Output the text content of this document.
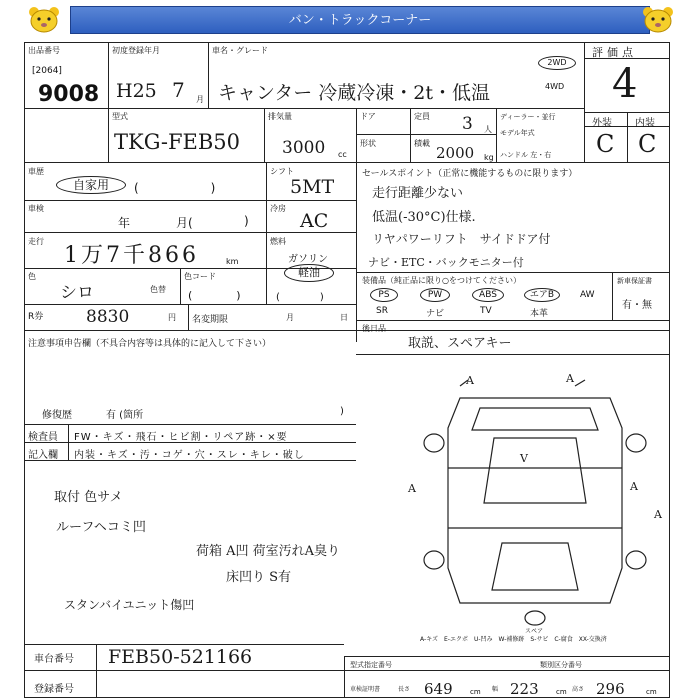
バン・トラックコーナー
出品番号
[2064]
9008
初度登録年月
H25 7 月
車名・グレード
キャンター 冷蔵冷凍・2t・低温
2WD
4WD
評価点
4
外装 内装
C C
型式
TKG-FEB50
排気量
3000 cc
ドア	定員 3 人
形状	積載
2000 kg
ディーラー・並行
モデル年式
ハンドル 左・右
車歴
自家用	(　　　　　　)
車検
年	月(	)
走行
1万7千866	km
色
シロ	色替
色コード
(　　　　)
シフト
5MT
冷房
AC
燃料
ガソリン
軽油
(　　　　)
R券	8830	円 名変期限	月	日
セールスポイント（正常に機能するものに限ります）
走行距離少ない
低温(-30°C)仕様.
リヤパワーリフト　サイドドア付
ナビ・ETC・バックモニター付
装備品（純正品に限り○をつけてください）
PS	PW	ABS	エアB	AW
SR	ナビ	TV	本革
新車保証書
有・無
後日品
取説、スペアキー
注意事項申告欄（不具合内容等は具体的に記入して下さい）
修復歴	有 (箇所	)
検査員
記入欄
FW・キズ・飛石・ヒビ割・リペア跡・×要
内装・キズ・汚・コゲ・穴・スレ・キレ・破し
取付 色サメ
ルーフヘコミ凹
荷箱 A凹 荷室汚れA臭り
床凹り S有
スタンバイユニット傷凹
A	A
A	A
A
V
スペア
A-キズ　E-エクボ　U-凹み　W-補修跡　S-サビ　C-腐食　XX-交換済
車台番号 FEB50-521166
登録番号
型式指定番号	類別区分番号
車検証明書	長さ 649 cm 幅 223 cm 高さ 296	cm
